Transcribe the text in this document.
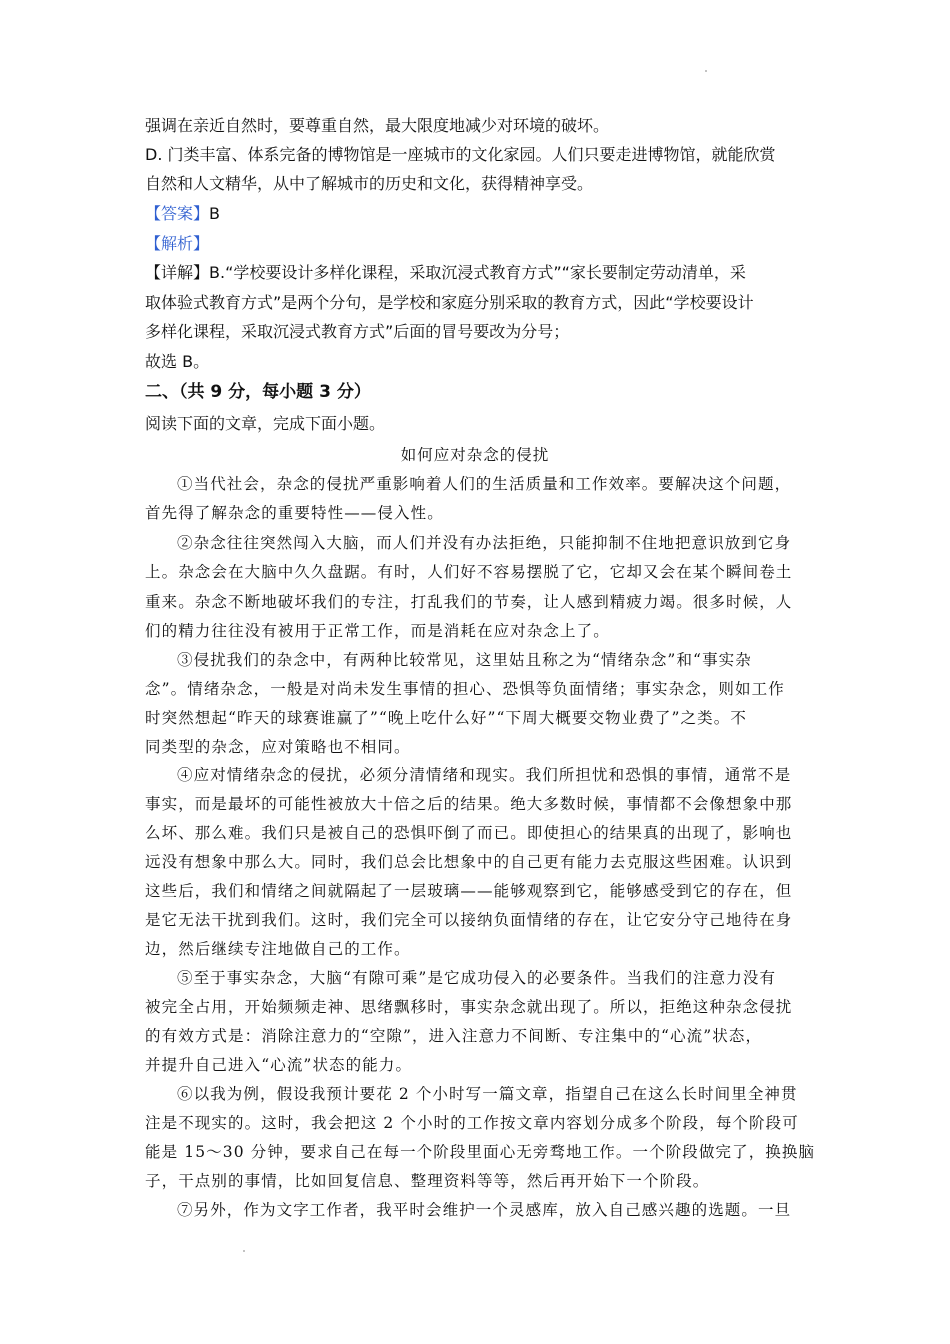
强调在亲近自然时，要尊重自然，最大限度地减少对环境的破坏。
D. 门类丰富、体系完备的博物馆是一座城市的文化家园。人们只要走进博物馆，就能欣赏
自然和人文精华，从中了解城市的历史和文化，获得精神享受。
【答案】B
【解析】
【详解】B.“学校要设计多样化课程，采取沉浸式教育方式”“家长要制定劳动清单，采
取体验式教育方式”是两个分句，是学校和家庭分别采取的教育方式，因此“学校要设计
多样化课程，采取沉浸式教育方式”后面的冒号要改为分号；
故选 B。
二、（共 9 分，每小题 3 分）
阅读下面的文章，完成下面小题。
如何应对杂念的侵扰
①当代社会，杂念的侵扰严重影响着人们的生活质量和工作效率。要解决这个问题，
首先得了解杂念的重要特性——侵入性。
②杂念往往突然闯入大脑，而人们并没有办法拒绝，只能抑制不住地把意识放到它身
上。杂念会在大脑中久久盘踞。有时，人们好不容易摆脱了它，它却又会在某个瞬间卷土
重来。杂念不断地破坏我们的专注，打乱我们的节奏，让人感到精疲力竭。很多时候，人
们的精力往往没有被用于正常工作，而是消耗在应对杂念上了。
③侵扰我们的杂念中，有两种比较常见，这里姑且称之为“情绪杂念”和“事实杂
念”。情绪杂念，一般是对尚未发生事情的担心、恐惧等负面情绪；事实杂念，则如工作
时突然想起“昨天的球赛谁赢了”“晚上吃什么好”“下周大概要交物业费了”之类。不
同类型的杂念，应对策略也不相同。
④应对情绪杂念的侵扰，必须分清情绪和现实。我们所担忧和恐惧的事情，通常不是
事实，而是最坏的可能性被放大十倍之后的结果。绝大多数时候，事情都不会像想象中那
么坏、那么难。我们只是被自己的恐惧吓倒了而已。即使担心的结果真的出现了，影响也
远没有想象中那么大。同时，我们总会比想象中的自己更有能力去克服这些困难。认识到
这些后，我们和情绪之间就隔起了一层玻璃——能够观察到它，能够感受到它的存在，但
是它无法干扰到我们。这时，我们完全可以接纳负面情绪的存在，让它安分守己地待在身
边，然后继续专注地做自己的工作。
⑤至于事实杂念，大脑“有隙可乘”是它成功侵入的必要条件。当我们的注意力没有
被完全占用，开始频频走神、思绪飘移时，事实杂念就出现了。所以，拒绝这种杂念侵扰
的有效方式是：消除注意力的“空隙”，进入注意力不间断、专注集中的“心流”状态，
并提升自己进入“心流”状态的能力。
⑥以我为例，假设我预计要花 2 个小时写一篇文章，指望自己在这么长时间里全神贯
注是不现实的。这时，我会把这 2 个小时的工作按文章内容划分成多个阶段，每个阶段可
能是 15～30 分钟，要求自己在每一个阶段里面心无旁骛地工作。一个阶段做完了，换换脑
子，干点别的事情，比如回复信息、整理资料等等，然后再开始下一个阶段。
⑦另外，作为文字工作者，我平时会维护一个灵感库，放入自己感兴趣的选题。一旦
